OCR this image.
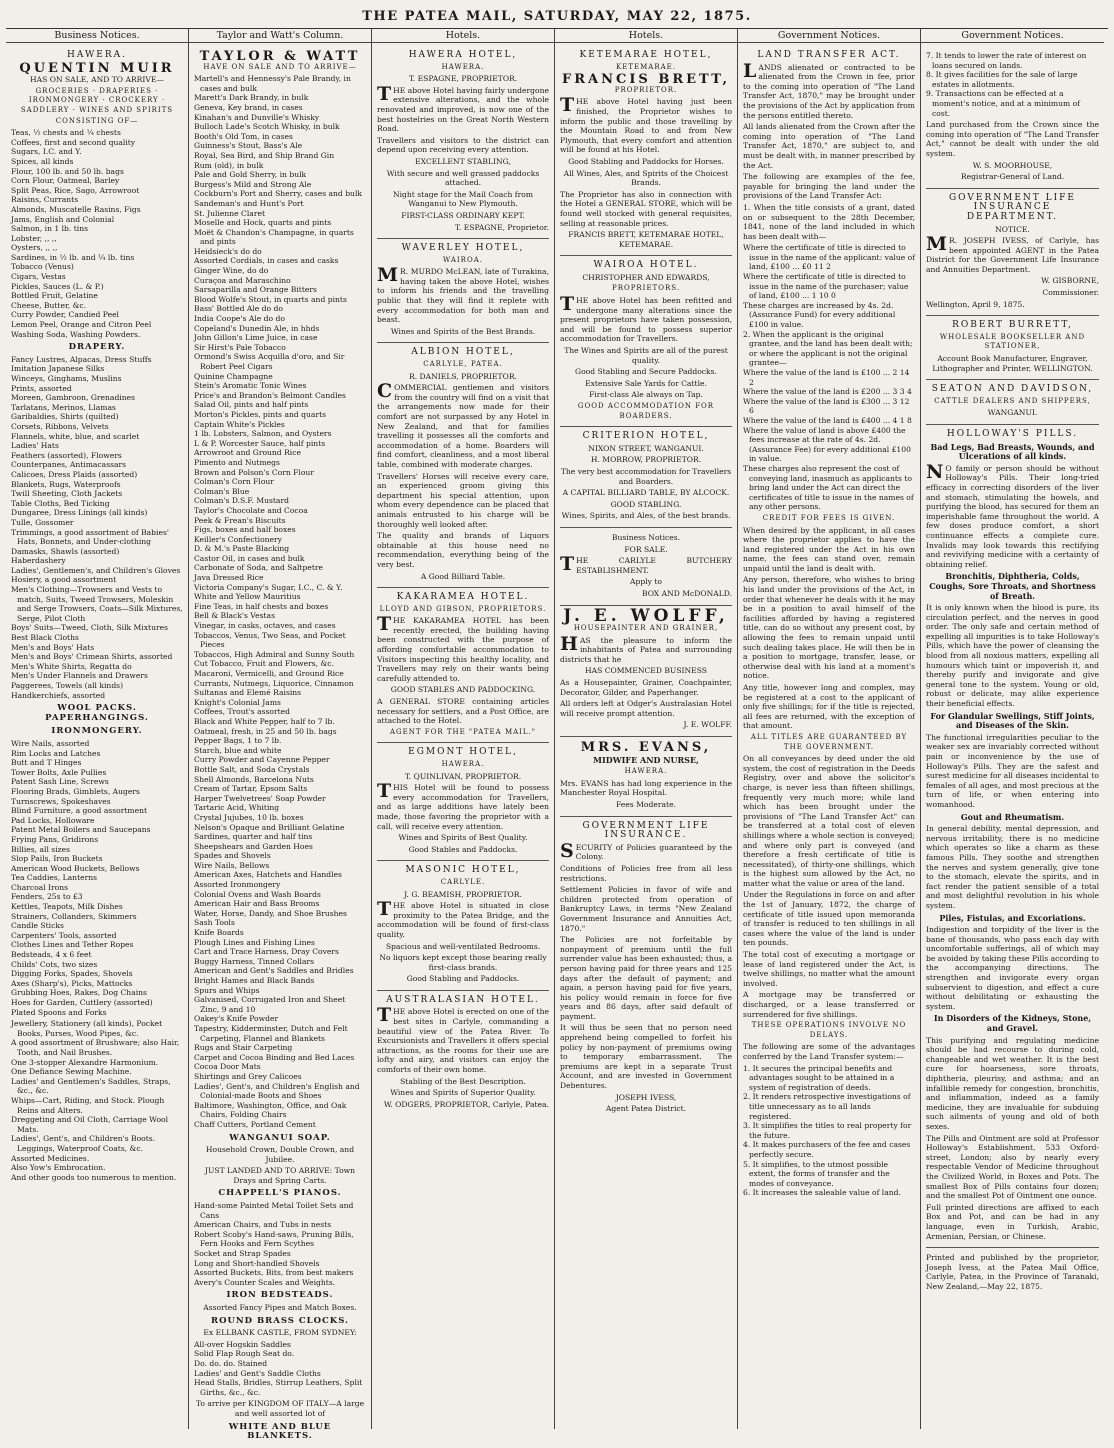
THE PATEA MAIL, SATURDAY, MAY 22, 1875.
Business Notices.
HAWERA.
QUENTIN MUIR
HAS ON SALE, AND TO ARRIVE—
GROCERIES · DRAPERIES · IRONMONGERY · CROCKERY · SADDLERY · WINES AND SPIRITS
CONSISTING OF—
Teas, ½ chests and ¼ chests
Coffees, first and second quality
Sugars, I.C. and Y.
Spices, all kinds
Flour, 100 lb. and 50 lb. bags
Corn Flour, Oatmeal, Barley
Split Peas, Rice, Sago, Arrowroot
Raisins, Currants
Almonds, Muscatelle Rasins, Figs
Jams, English and Colonial
Salmon, in 1 lb. tins
Lobster, ,, ,,
Oysters, ,, ,,
Sardines, in ½ lb. and ¼ lb. tins
Tobacco (Venus)
Cigars, Vestas
Pickles, Sauces (L. & P.)
Bottled Fruit, Gelatine
Cheese, Butter, &c.
Curry Powder, Candied Peel
Lemon Peel, Orange and Citron Peel
Washing Soda, Washing Powders.
DRAPERY.
Fancy Lustres, Alpacas, Dress Stuffs
Imitation Japanese Silks
Winceys, Ginghams, Muslins
Prints, assorted
Moreen, Gambroon, Grenadines
Tarlatans, Merinos, Llamas
Garibaldies, Shirts (quilted)
Corsets, Ribbons, Velvets
Flannels, white, blue, and scarlet
Ladies' Hats
Feathers (assorted), Flowers
Counterpanes, Antimacassars
Calicoes, Dress Plaids (assorted)
Blankets, Rugs, Waterproofs
Twill Sheeting, Cloth Jackets
Table Cloths, Bed Ticking
Dungaree, Dress Linings (all kinds)
Tulle, Gossomer
Trimmings, a good assortment of Babies' Hats, Bonnets, and Under-clothing
Damasks, Shawls (assorted)
Haberdashery
Ladies', Gentlemen's, and Children's Gloves
Hosiery, a good assortment
Men's Clothing—Trowsers and Vests to match, Suits, Tweed Trowsers, Moleskin and Serge Trowsers, Coats—Silk Mixtures, Serge, Pilot Cloth
Boys' Suits—Tweed, Cloth, Silk Mixtures
Best Black Cloths
Men's and Boys' Hats
Men's and Boys' Crimean Shirts, assorted
Men's White Shirts, Regatta do
Men's Under Flannels and Drawers
Paggerees, Towels (all kinds)
Handkerchiefs, assorted
WOOL PACKS. PAPERHANGINGS.
IRONMONGERY.
Wire Nails, assorted
Rim Locks and Latches
Butt and T Hinges
Tower Bolts, Axle Pullies
Patent Sash Line, Screws
Flooring Brads, Gimblets, Augers
Turnscrews, Spokeshaves
Blind Furniture, a good assortment
Pad Locks, Holloware
Patent Metal Boilers and Saucepans
Frying Pans, Gridirons
Billies, all sizes
Slop Pails, Iron Buckets
American Wood Buckets, Bellows
Tea Caddies, Lanterns
Charcoal Irons
Fenders, 25s to £3
Kettles, Teapots, Milk Dishes
Strainers, Collanders, Skimmers
Candle Sticks
Carpenters' Tools, assorted
Clothes Lines and Tether Ropes
Bedsteads, 4 x 6 feet
Childs' Cots, two sizes
Digging Forks, Spades, Shovels
Axes (Sharp's), Picks, Mattocks
Grubbing Hoes, Rakes, Dog Chains
Hoes for Garden, Cuttlery (assorted)
Plated Spoons and Forks
Jewellery, Stationery (all kinds), Pocket Books, Purses, Wood Pipes, &c.
A good assortment of Brushware; also Hair, Tooth, and Nail Brushes.
One 3-stopper Alexandre Harmonium.
One Defiance Sewing Machine.
Ladies' and Gentlemen's Saddles, Straps, &c., &c.
Whips—Cart, Riding, and Stock. Plough Reins and Alters.
Dreggeting and Oil Cloth, Carriage Wool Mats.
Ladies', Gent's, and Children's Boots. Leggings, Waterproof Coats, &c.
Assorted Medicines.
Also Yow's Embrocation.
And other goods too numerous to mention.
Taylor and Watt's Column.
TAYLOR & WATT
HAVE ON SALE AND TO ARRIVE—
Martell's and Hennessy's Pale Brandy, in cases and bulk
Marett's Dark Brandy, in bulk
Geneva, Key brand, in cases
Kinahan's and Dunville's Whisky
Bulloch Lade's Scotch Whisky, in bulk
Booth's Old Tom, in cases
Guinness's Stout, Bass's Ale
Royal, Sea Bird, and Ship Brand Gin
Rum (old), in bulk
Pale and Gold Sherry, in bulk
Burgess's Mild and Strong Ale
Cockburn's Port and Sherry, cases and bulk
Sandeman's and Hunt's Port
St. Julienne Claret
Moselle and Hock, quarts and pints
Moët & Chandon's Champagne, in quarts and pints
Heidsieck's do do
Assorted Cordials, in cases and casks
Ginger Wine, do do
Curaçoa and Maraschino
Sarsaparilla and Orange Bitters
Blood Wolfe's Stout, in quarts and pints
Bass' Bottled Ale do do
India Coope's Ale do do
Copeland's Dunedin Ale, in hhds
John Gillon's Lime Juice, in case
Sir Hirst's Pale Tobacco
Ormond's Swiss Acquilla d'oro, and Sir Robert Peel Cigars
Quinine Champagne
Stein's Aromatic Tonic Wines
Price's and Brandon's Belmont Candles
Salad Oil, pints and half pints
Morton's Pickles, pints and quarts
Captain White's Pickles
1 lb. Lobsters, Salmon, and Oysters
L & P. Worcester Sauce, half pints
Arrowroot and Ground Rice
Pimento and Nutmegs
Brown and Polson's Corn Flour
Colman's Corn Flour
Colman's Blue
Colman's D.S.F. Mustard
Taylor's Chocolate and Cocoa
Peek & Frean's Biscuits
Figs, boxes and half boxes
Keiller's Confectionery
D. & M.'s Paste Blacking
Castor Oil, in cases and bulk
Carbonate of Soda, and Saltpetre
Java Dressed Rice
Victoria Company's Sugar, I.C., C. & Y.
White and Yellow Mauritius
Fine Teas, in half chests and boxes
Bell & Black's Vestas
Vinegar, in casks, octaves, and cases
Tobaccos, Venus, Two Seas, and Pocket Pieces
Tobaccos, High Admiral and Sunny South
Cut Tobacco, Fruit and Flowers, &c.
Macaroni, Vermicelli, and Ground Rice
Currants, Nutmegs, Liquorice, Cinnamon
Sultanas and Elemé Raisins
Knight's Colonial Jams
Coffees, Trout's assorted
Black and White Pepper, half to 7 lb.
Oatmeal, fresh, in 25 and 50 lb. bags
Pepper Bags, 1 to 7 lb.
Starch, blue and white
Curry Powder and Cayenne Pepper
Bottle Salt, and Soda Crystals
Shell Almonds, Barcelona Nuts
Cream of Tartar, Epsom Salts
Harper Twelvetrees' Soap Powder
Tartaric Acid, Whiting
Crystal Jujubes, 10 lb. boxes
Nelson's Opaque and Brilliant Gelatine
Sardines, quarter and half tins
Sheepshears and Garden Hoes
Spades and Shovels
Wire Nails, Bellows
American Axes, Hatchets and Handles
Assorted Ironmongery
Colonial Ovens and Wash Boards
American Hair and Bass Brooms
Water, Horse, Dandy, and Shoe Brushes
Sash Tools
Knife Boards
Plough Lines and Fishing Lines
Cart and Trace Harness, Dray Covers
Buggy Harness, Tinned Collars
American and Gent's Saddles and Bridles
Bright Hames and Black Bands
Spurs and Whips
Galvanised, Corrugated Iron and Sheet Zinc, 9 and 10
Oakey's Knife Powder
Tapestry, Kidderminster, Dutch and Felt Carpeting, Flannel and Blankets
Rugs and Stair Carpeting
Carpet and Cocoa Binding and Bed Laces
Cocoa Door Mats
Shirtings and Grey Calicoes
Ladies', Gent's, and Children's English and Colonial-made Boots and Shoes
Baltimore, Washington, Office, and Oak Chairs, Folding Chairs
Chaff Cutters, Portland Cement
WANGANUI SOAP.
Household Crown, Double Crown, and Jubilee.
JUST LANDED AND TO ARRIVE: Town Drays and Spring Carts.
CHAPPELL'S PIANOS.
Hand-some Painted Metal Toilet Sets and Cans
American Chairs, and Tubs in nests
Robert Scoby's Hand-saws, Pruning Bills, Fern Hooks and Fern Scythes
Socket and Strap Spades
Long and Short-handled Shovels
Assorted Buckets, Bits, from best makers
Avery's Counter Scales and Weights.
IRON BEDSTEADS.
Assorted Fancy Pipes and Match Boxes.
ROUND BRASS CLOCKS.
Ex ELLBANK CASTLE, FROM SYDNEY:
All-over Hogskin Saddles
Solid Flap Rough Seat do.
Do. do. do. Stained
Ladies' and Gent's Saddle Cloths
Head Stalls, Bridles, Stirrup Leathers, Split Girths, &c., &c.
To arrive per KINGDOM OF ITALY—A large and well assorted lot of
WHITE AND BLUE BLANKETS.
Hotels.
HAWERA HOTEL,
HAWERA.
T. ESPAGNE, PROPRIETOR.
THE above Hotel having fairly undergone extensive alterations, and the whole renovated and improved, is now one of the best hostelries on the Great North Western Road.
Travellers and visitors to the district can depend upon receiving every attention.
EXCELLENT STABLING,
With secure and well grassed paddocks attached.
Night stage for the Mail Coach from Wanganui to New Plymouth.
FIRST-CLASS ORDINARY KEPT.
T. ESPAGNE, Proprietor.
WAVERLEY HOTEL,
WAIROA.
MR. MURDO McLEAN, late of Turakina, having taken the above Hotel, wishes to inform his friends and the travelling public that they will find it replete with every accommodation for both man and beast.
Wines and Spirits of the Best Brands.
ALBION HOTEL,
CARLYLE, PATEA.
R. DANIELS, PROPRIETOR.
COMMERCIAL gentlemen and visitors from the country will find on a visit that the arrangements now made for their comfort are not surpassed by any Hotel in New Zealand, and that for families travelling it possesses all the comforts and accommodation of a home. Boarders will find comfort, cleanliness, and a most liberal table, combined with moderate charges.
Travellers' Horses will receive every care, an experienced groom giving this department his special attention, upon whom every dependence can be placed that animals entrusted to his charge will be thoroughly well looked after.
The quality and brands of Liquors obtainable at this house need no recommendation, everything being of the very best.
A Good Billiard Table.
KAKARAMEA HOTEL.
LLOYD AND GIBSON, PROPRIETORS.
THE KAKARAMEA HOTEL has been recently erected, the building having been constructed with the purpose of affording comfortable accommodation to Visitors inspecting this healthy locality, and Travellers may rely on their wants being carefully attended to.
GOOD STABLES AND PADDOCKING.
A GENERAL STORE containing articles necessary for settlers, and a Post Office, are attached to the Hotel.
AGENT FOR THE "PATEA MAIL."
EGMONT HOTEL,
HAWERA.
T. QUINLIVAN, PROPRIETOR.
THIS Hotel will be found to possess every accommodation for Travellers, and as large additions have lately been made, those favoring the proprietor with a call, will receive every attention.
Wines and Spirits of Best Quality.
Good Stables and Paddocks.
MASONIC HOTEL,
CARLYLE.
J. G. BEAMISH, PROPRIETOR.
THE above Hotel is situated in close proximity to the Patea Bridge, and the accommodation will be found of first-class quality.
Spacious and well-ventilated Bedrooms.
No liquors kept except those bearing really first-class brands.
Good Stabling and Paddocks.
AUSTRALASIAN HOTEL.
THE above Hotel is erected on one of the best sites in Carlyle, commanding a beautiful view of the Patea River. To Excursionists and Travellers it offers special attractions, as the rooms for their use are lofty and airy, and visitors can enjoy the comforts of their own home.
Stabling of the Best Description.
Wines and Spirits of Superior Quality.
W. ODGERS, PROPRIETOR, Carlyle, Patea.
Hotels.
KETEMARAE HOTEL,
KETEMARAE.
FRANCIS BRETT,
PROPRIETOR.
THE above Hotel having just been finished, the Proprietor wishes to inform the public and those travelling by the Mountain Road to and from New Plymouth, that every comfort and attention will be found at his Hotel.
Good Stabling and Paddocks for Horses.
All Wines, Ales, and Spirits of the Choicest Brands.
The Proprietor has also in connection with the Hotel a GENERAL STORE, which will be found well stocked with general requisites, selling at reasonable prices.
FRANCIS BRETT, KETEMARAE HOTEL, KETEMARAE.
WAIROA HOTEL.
CHRISTOPHER AND EDWARDS,
PROPRIETORS.
THE above Hotel has been refitted and undergone many alterations since the present proprietors have taken possession, and will be found to possess superior accommodation for Travellers.
The Wines and Spirits are all of the purest quality.
Good Stabling and Secure Paddocks.
Extensive Sale Yards for Cattle.
First-class Ale always on Tap.
GOOD ACCOMMODATION FOR BOARDERS.
CRITERION HOTEL,
NIXON STREET, WANGANUI.
H. MORROW, PROPRIETOR.
The very best accommodation for Travellers and Boarders.
A CAPITAL BILLIARD TABLE, BY ALCOCK.
GOOD STABLING.
Wines, Spirits, and Ales, of the best brands.
Business Notices.
FOR SALE.
THE CARLYLE BUTCHERY ESTABLISHMENT.
Apply to
BOX AND McDONALD.
J. E. WOLFF,
HOUSEPAINTER AND GRAINER,
HAS the pleasure to inform the inhabitants of Patea and surrounding districts that he
HAS COMMENCED BUSINESS
As a Housepainter, Grainer, Coachpainter, Decorator, Gilder, and Paperhanger.
All orders left at Odger's Australasian Hotel will receive prompt attention.
J. E. WOLFF.
MRS. EVANS,
MIDWIFE AND NURSE,
HAWERA.
Mrs. EVANS has had long experience in the Manchester Royal Hospital.
Fees Moderate.
GOVERNMENT LIFE INSURANCE.
SECURITY of Policies guaranteed by the Colony.
Conditions of Policies free from all less restrictions.
Settlement Policies in favor of wife and children protected from operation of Bankruptcy Laws, in terms "New Zealand Government Insurance and Annuities Act, 1870."
The Policies are not forfeitable by nonpayment of premium until the full surrender value has been exhausted; thus, a person having paid for three years and 125 days after the default of payment; and again, a person having paid for five years, his policy would remain in force for five years and 86 days, after said default of payment.
It will thus be seen that no person need apprehend being compelled to forfeit his policy by non-payment of premiums owing to temporary embarrassment. The premiums are kept in a separate Trust Account, and are invested in Government Debentures.
JOSEPH IVESS,
Agent Patea District.
Government Notices.
LAND TRANSFER ACT.
LANDS alienated or contracted to be alienated from the Crown in fee, prior to the coming into operation of "The Land Transfer Act, 1870," may be brought under the provisions of the Act by application from the persons entitled thereto.
All lands alienated from the Crown after the coming into operation of "The Land Transfer Act, 1870," are subject to, and must be dealt with, in manner prescribed by the Act.
The following are examples of the fee, payable for bringing the land under the provisions of the Land Transfer Act:
1. When the title consists of a grant, dated on or subsequent to the 28th December, 1841, none of the land included in which has been dealt with—
Where the certificate of title is directed to issue in the name of the applicant: value of land, £100 ... £0 11 2
Where the certificate of title is directed to issue in the name of the purchaser; value of land, £100 ... 1 10 0
These charges are increased by 4s. 2d. (Assurance Fund) for every additional £100 in value.
2. When the applicant is the original grantee, and the land has been dealt with; or where the applicant is not the original grantee—
Where the value of the land is £100 ... 2 14 2
Where the value of the land is £200 ... 3 3 4
Where the value of the land is £300 ... 3 12 6
Where the value of the land is £400 ... 4 1 8
Where the value of land is above £400 the fees increase at the rate of 4s. 2d. (Assurance Fee) for every additional £100 in value.
These charges also represent the cost of conveying land, inasmuch as applicants to bring land under the Act can direct the certificates of title to issue in the names of any other persons.
CREDIT FOR FEES IS GIVEN.
When desired by the applicant, in all cases where the proprietor applies to have the land registered under the Act in his own name, the fees can stand over, remain unpaid until the land is dealt with.
Any person, therefore, who wishes to bring his land under the provisions of the Act, in order that whenever he deals with it he may be in a position to avail himself of the facilities afforded by having a registered title, can do so without any present cost, by allowing the fees to remain unpaid until such dealing takes place. He will then be in a position to mortgage, transfer, lease, or otherwise deal with his land at a moment's notice.
Any title, however long and complex, may be registered at a cost to the applicant of only five shillings; for if the title is rejected, all fees are returned, with the exception of that amount.
ALL TITLES ARE GUARANTEED BY THE GOVERNMENT.
On all conveyances by deed under the old system, the cost of registration in the Deeds Registry, over and above the solicitor's charge, is never less than fifteen shillings, frequently very much more; while land which has been brought under the provisions of "The Land Transfer Act" can be transferred at a total cost of eleven shillings where a whole section is conveyed; and where only part is conveyed (and therefore a fresh certificate of title is necessitated), of thirty-one shillings, which is the highest sum allowed by the Act, no matter what the value or area of the land.
Under the Regulations in force on and after the 1st of January, 1872, the charge of certificate of title issued upon memoranda of transfer is reduced to ten shillings in all cases where the value of the land is under ten pounds.
The total cost of executing a mortgage or lease of land registered under the Act, is twelve shillings, no matter what the amount involved.
A mortgage may be transferred or discharged, or a lease transferred or surrendered for five shillings.
THESE OPERATIONS INVOLVE NO DELAYS.
The following are some of the advantages conferred by the Land Transfer system:—
1. It secures the principal benefits and advantages sought to be attained in a system of registration of deeds.
2. It renders retrospective investigations of title unnecessary as to all lands registered.
3. It simplifies the titles to real property for the future.
4. It makes purchasers of the fee and cases perfectly secure.
5. It simplifies, to the utmost possible extent, the forms of transfer and the modes of conveyance.
6. It increases the saleable value of land.
Government Notices.
7. It tends to lower the rate of interest on loans secured on lands.
8. It gives facilities for the sale of large estates in allotments.
9. Transactions can be effected at a moment's notice, and at a minimum of cost.
Land purchased from the Crown since the coming into operation of "The Land Transfer Act," cannot be dealt with under the old system.
W. S. MOORHOUSE,
Registrar-General of Land.
GOVERNMENT LIFE INSURANCE DEPARTMENT.
NOTICE.
MR. JOSEPH IVESS, of Carlyle, has been appointed AGENT in the Patea District for the Government Life Insurance and Annuities Department.
W. GISBORNE,
Commissioner.
Wellington, April 9, 1875.
ROBERT BURRETT,
WHOLESALE BOOKSELLER AND STATIONER,
Account Book Manufacturer, Engraver, Lithographer and Printer, WELLINGTON.
SEATON AND DAVIDSON,
CATTLE DEALERS AND SHIPPERS,
WANGANUI.
HOLLOWAY'S PILLS.
Bad Legs, Bad Breasts, Wounds, and Ulcerations of all kinds.
NO family or person should be without Holloway's Pills. Their long-tried efficacy in correcting disorders of the liver and stomach, stimulating the bowels, and purifying the blood, has secured for them an imperishable fame throughout the world. A few doses produce comfort, a short continuance effects a complete cure. Invalids may look towards this rectifying and revivifying medicine with a certainty of obtaining relief.
Bronchitis, Diphtheria, Colds, Coughs, Sore Throats, and Shortness of Breath.
It is only known when the blood is pure, its circulation perfect, and the nerves in good order. The only safe and certain method of expelling all impurities is to take Holloway's Pills, which have the power of cleansing the blood from all noxious matters, expelling all humours which taint or impoverish it, and thereby purify and invigorate and give general tone to the system. Young or old, robust or delicate, may alike experience their beneficial effects.
For Glandular Swellings, Stiff Joints, and Diseases of the Skin.
The functional irregularities peculiar to the weaker sex are invariably corrected without pain or inconvenience by the use of Holloway's Pills. They are the safest and surest medicine for all diseases incidental to females of all ages, and most precious at the turn of life, or when entering into womanhood.
Gout and Rheumatism.
In general debility, mental depression, and nervous irritability, there is no medicine which operates so like a charm as these famous Pills. They soothe and strengthen the nerves and system generally, give tone to the stomach, elevate the spirits, and in fact render the patient sensible of a total and most delightful revolution in his whole system.
Piles, Fistulas, and Excoriations.
Indigestion and torpidity of the liver is the bane of thousands, who pass each day with uncomfortable sufferings, all of which may be avoided by taking these Pills according to the accompanying directions. The strengthen and invigorate every organ subservient to digestion, and effect a cure without debilitating or exhausting the system.
In Disorders of the Kidneys, Stone, and Gravel.
This purifying and regulating medicine should be had recourse to during cold, changeable and wet weather. It is the best cure for hoarseness, sore throats, diphtheria, pleurisy, and asthma; and an infallible remedy for congestion, bronchitis, and inflammation, indeed as a family medicine, they are invaluable for subduing such ailments of young and old of both sexes.
The Pills and Ointment are sold at Professor Holloway's Establishment, 533 Oxford-street, London; also by nearly every respectable Vendor of Medicine throughout the Civilized World, in Boxes and Pots. The smallest Box of Pills contains four dozen; and the smallest Pot of Ointment one ounce.
Full printed directions are affixed to each Box and Pot, and can be had in any language, even in Turkish, Arabic, Armenian, Persian, or Chinese.
Printed and published by the proprietor, Joseph Ivess, at the Patea Mail Office, Carlyle, Patea, in the Province of Taranaki, New Zealand,—May 22, 1875.
